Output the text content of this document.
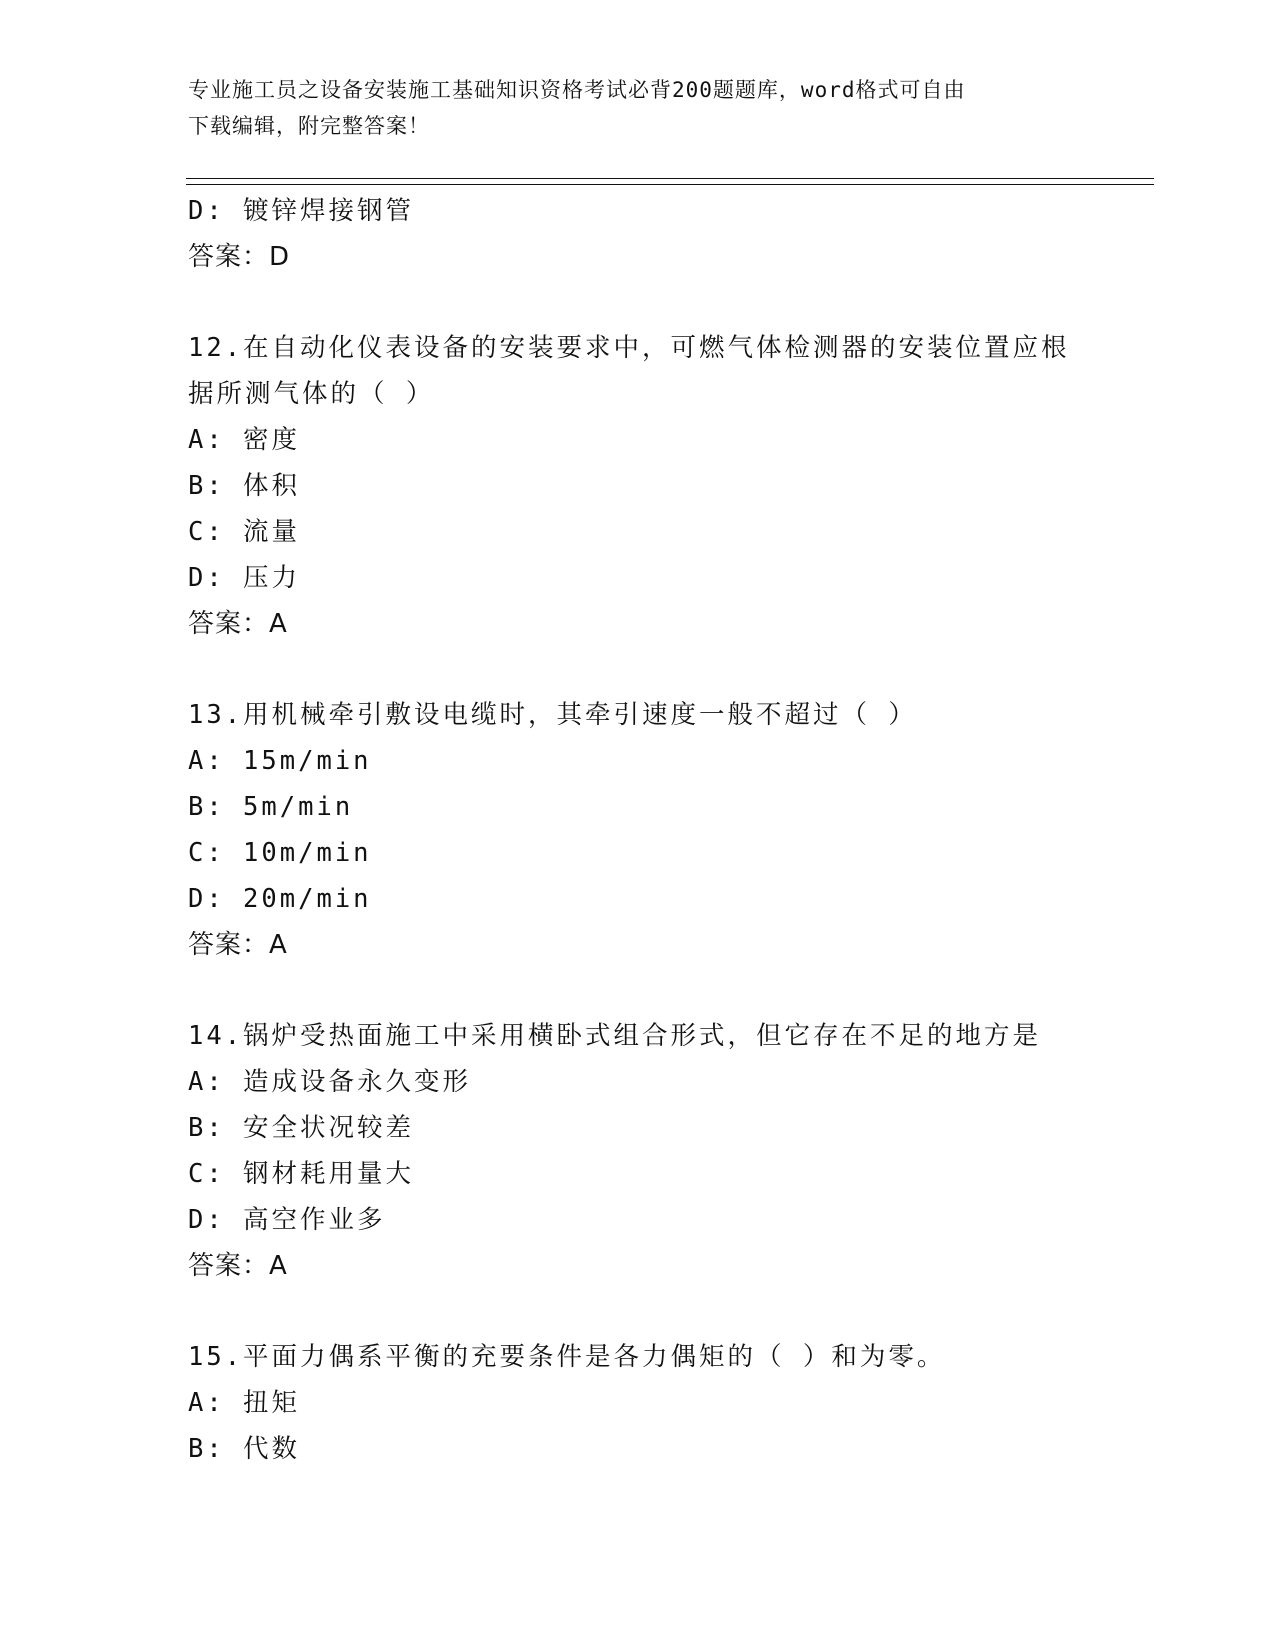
专业施工员之设备安装施工基础知识资格考试必背200题题库，word格式可自由
下载编辑，附完整答案！
D: 镀锌焊接钢管
答案：D
12.在自动化仪表设备的安装要求中，可燃气体检测器的安装位置应根
据所测气体的（ ）
A: 密度
B: 体积
C: 流量
D: 压力
答案：A
13.用机械牵引敷设电缆时，其牵引速度一般不超过（ ）
A: 15m/min
B: 5m/min
C: 10m/min
D: 20m/min
答案：A
14.锅炉受热面施工中采用横卧式组合形式，但它存在不足的地方是
A: 造成设备永久变形
B: 安全状况较差
C: 钢材耗用量大
D: 高空作业多
答案：A
15.平面力偶系平衡的充要条件是各力偶矩的（ ）和为零。
A: 扭矩
B: 代数
